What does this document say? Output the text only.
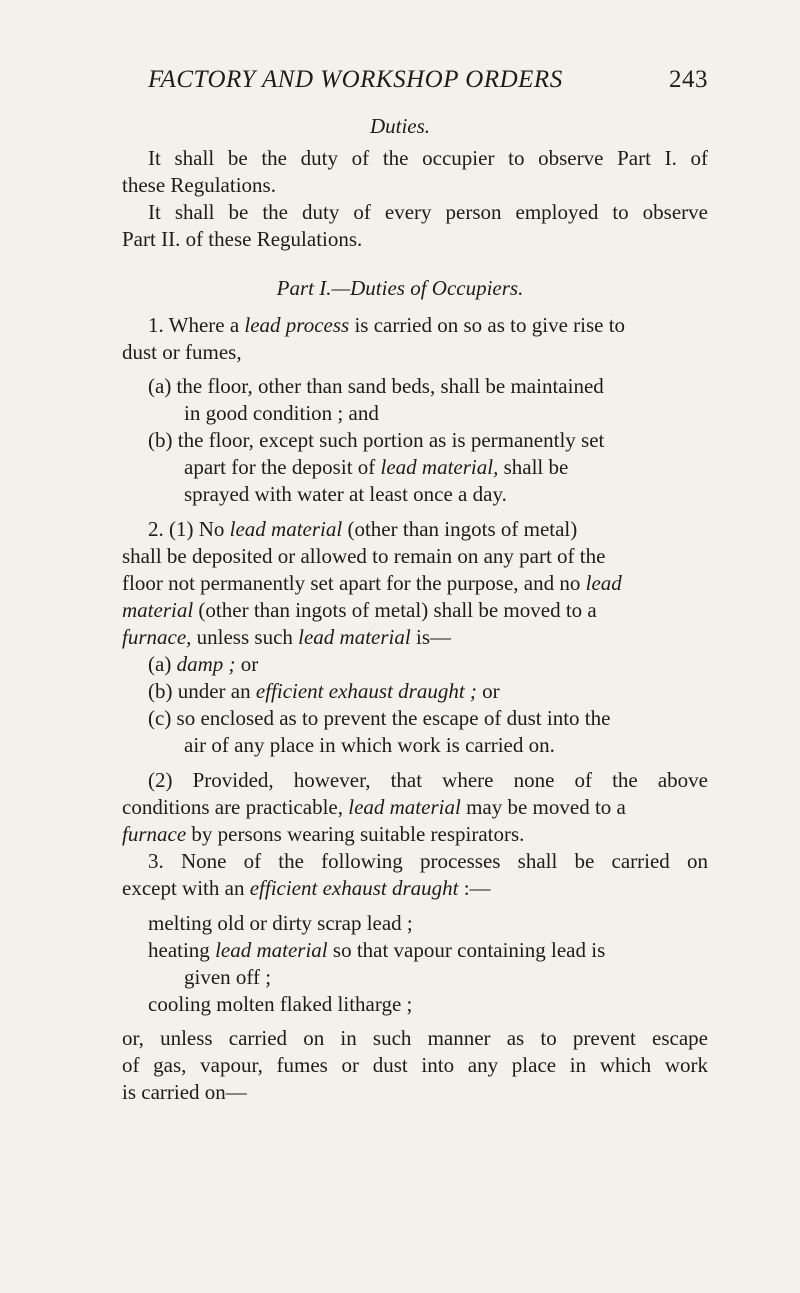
FACTORY AND WORKSHOP ORDERS	243
Duties.
It shall be the duty of the occupier to observe Part I. of
these Regulations.
It shall be the duty of every person employed to observe
Part II. of these Regulations.
Part I.—Duties of Occupiers.
1. Where a lead process is carried on so as to give rise to
dust or fumes,
(a) the floor, other than sand beds, shall be maintained
in good condition ; and
(b) the floor, except such portion as is permanently set
apart for the deposit of lead material, shall be
sprayed with water at least once a day.
2. (1) No lead material (other than ingots of metal)
shall be deposited or allowed to remain on any part of the
floor not permanently set apart for the purpose, and no lead
material (other than ingots of metal) shall be moved to a
furnace, unless such lead material is—
(a) damp ; or
(b) under an efficient exhaust draught ; or
(c) so enclosed as to prevent the escape of dust into the
air of any place in which work is carried on.
(2) Provided, however, that where none of the above
conditions are practicable, lead material may be moved to a
furnace by persons wearing suitable respirators.
3. None of the following processes shall be carried on
except with an efficient exhaust draught :—
melting old or dirty scrap lead ;
heating lead material so that vapour containing lead is
given off ;
cooling molten flaked litharge ;
or, unless carried on in such manner as to prevent escape
of gas, vapour, fumes or dust into any place in which work
is carried on—
